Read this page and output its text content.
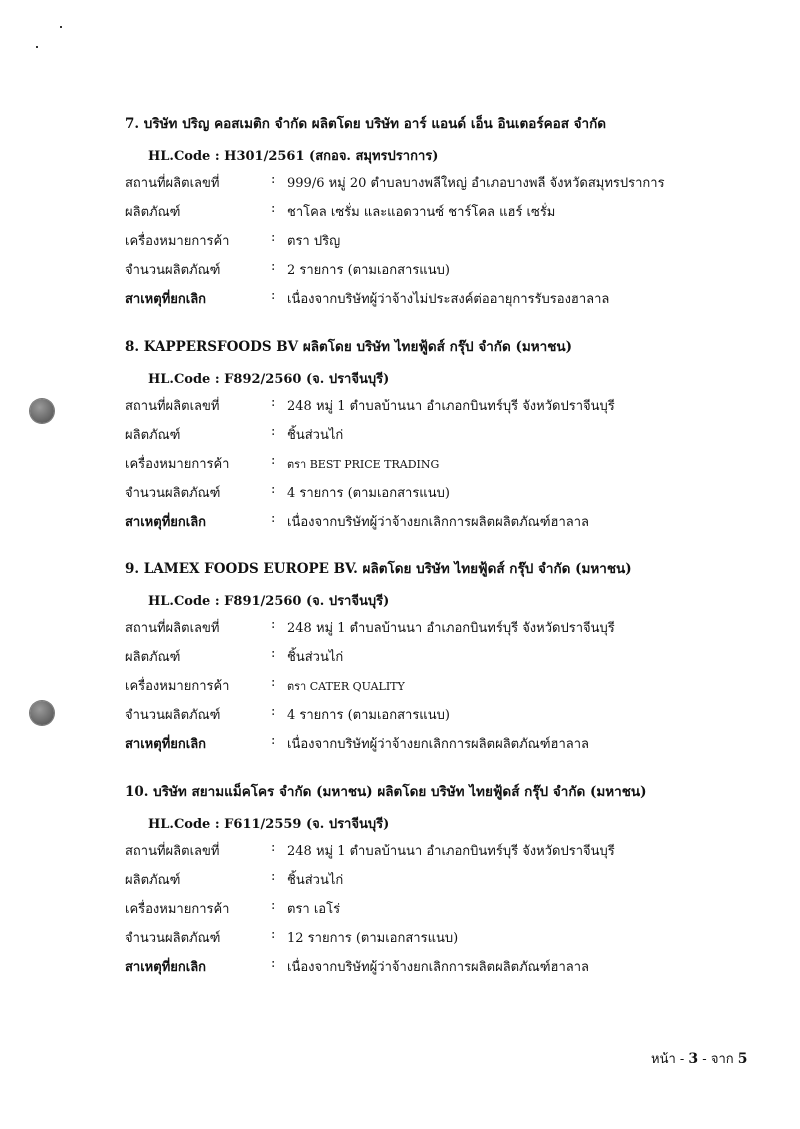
7. บริษัท ปริญ คอสเมติก จำกัด ผลิตโดย บริษัท อาร์ แอนด์ เอ็น อินเตอร์คอส จำกัด
HL.Code : H301/2561 (สกอจ. สมุทรปราการ)
สถานที่ผลิตเลขที่	: 999/6 หมู่ 20 ตำบลบางพลีใหญ่ อำเภอบางพลี จังหวัดสมุทรปราการ
ผลิตภัณฑ์	: ชาโคล เซรั่ม และแอดวานซ์ ชาร์โคล แฮร์ เซรั่ม
เครื่องหมายการค้า	: ตรา ปริญ
จำนวนผลิตภัณฑ์	: 2 รายการ (ตามเอกสารแนบ)
สาเหตุที่ยกเลิก	: เนื่องจากบริษัทผู้ว่าจ้างไม่ประสงค์ต่ออายุการรับรองฮาลาล
8. KAPPERSFOODS BV ผลิตโดย บริษัท ไทยฟู้ดส์ กรุ๊ป จำกัด (มหาชน)
HL.Code : F892/2560 (จ. ปราจีนบุรี)
สถานที่ผลิตเลขที่	: 248 หมู่ 1 ตำบลบ้านนา อำเภอกบินทร์บุรี จังหวัดปราจีนบุรี
ผลิตภัณฑ์	: ชิ้นส่วนไก่
เครื่องหมายการค้า	: ตรา BEST PRICE TRADING
จำนวนผลิตภัณฑ์	: 4 รายการ (ตามเอกสารแนบ)
สาเหตุที่ยกเลิก	: เนื่องจากบริษัทผู้ว่าจ้างยกเลิกการผลิตผลิตภัณฑ์ฮาลาล
9. LAMEX FOODS EUROPE BV. ผลิตโดย บริษัท ไทยฟู้ดส์ กรุ๊ป จำกัด (มหาชน)
HL.Code : F891/2560 (จ. ปราจีนบุรี)
สถานที่ผลิตเลขที่	: 248 หมู่ 1 ตำบลบ้านนา อำเภอกบินทร์บุรี จังหวัดปราจีนบุรี
ผลิตภัณฑ์	: ชิ้นส่วนไก่
เครื่องหมายการค้า	: ตรา CATER QUALITY
จำนวนผลิตภัณฑ์	: 4 รายการ (ตามเอกสารแนบ)
สาเหตุที่ยกเลิก	: เนื่องจากบริษัทผู้ว่าจ้างยกเลิกการผลิตผลิตภัณฑ์ฮาลาล
10. บริษัท สยามแม็คโคร จำกัด (มหาชน) ผลิตโดย บริษัท ไทยฟู้ดส์ กรุ๊ป จำกัด (มหาชน)
HL.Code : F611/2559 (จ. ปราจีนบุรี)
สถานที่ผลิตเลขที่	: 248 หมู่ 1 ตำบลบ้านนา อำเภอกบินทร์บุรี จังหวัดปราจีนบุรี
ผลิตภัณฑ์	: ชิ้นส่วนไก่
เครื่องหมายการค้า	: ตรา เอโร่
จำนวนผลิตภัณฑ์	: 12 รายการ (ตามเอกสารแนบ)
สาเหตุที่ยกเลิก	: เนื่องจากบริษัทผู้ว่าจ้างยกเลิกการผลิตผลิตภัณฑ์ฮาลาล
หน้า - 3 - จาก 5
